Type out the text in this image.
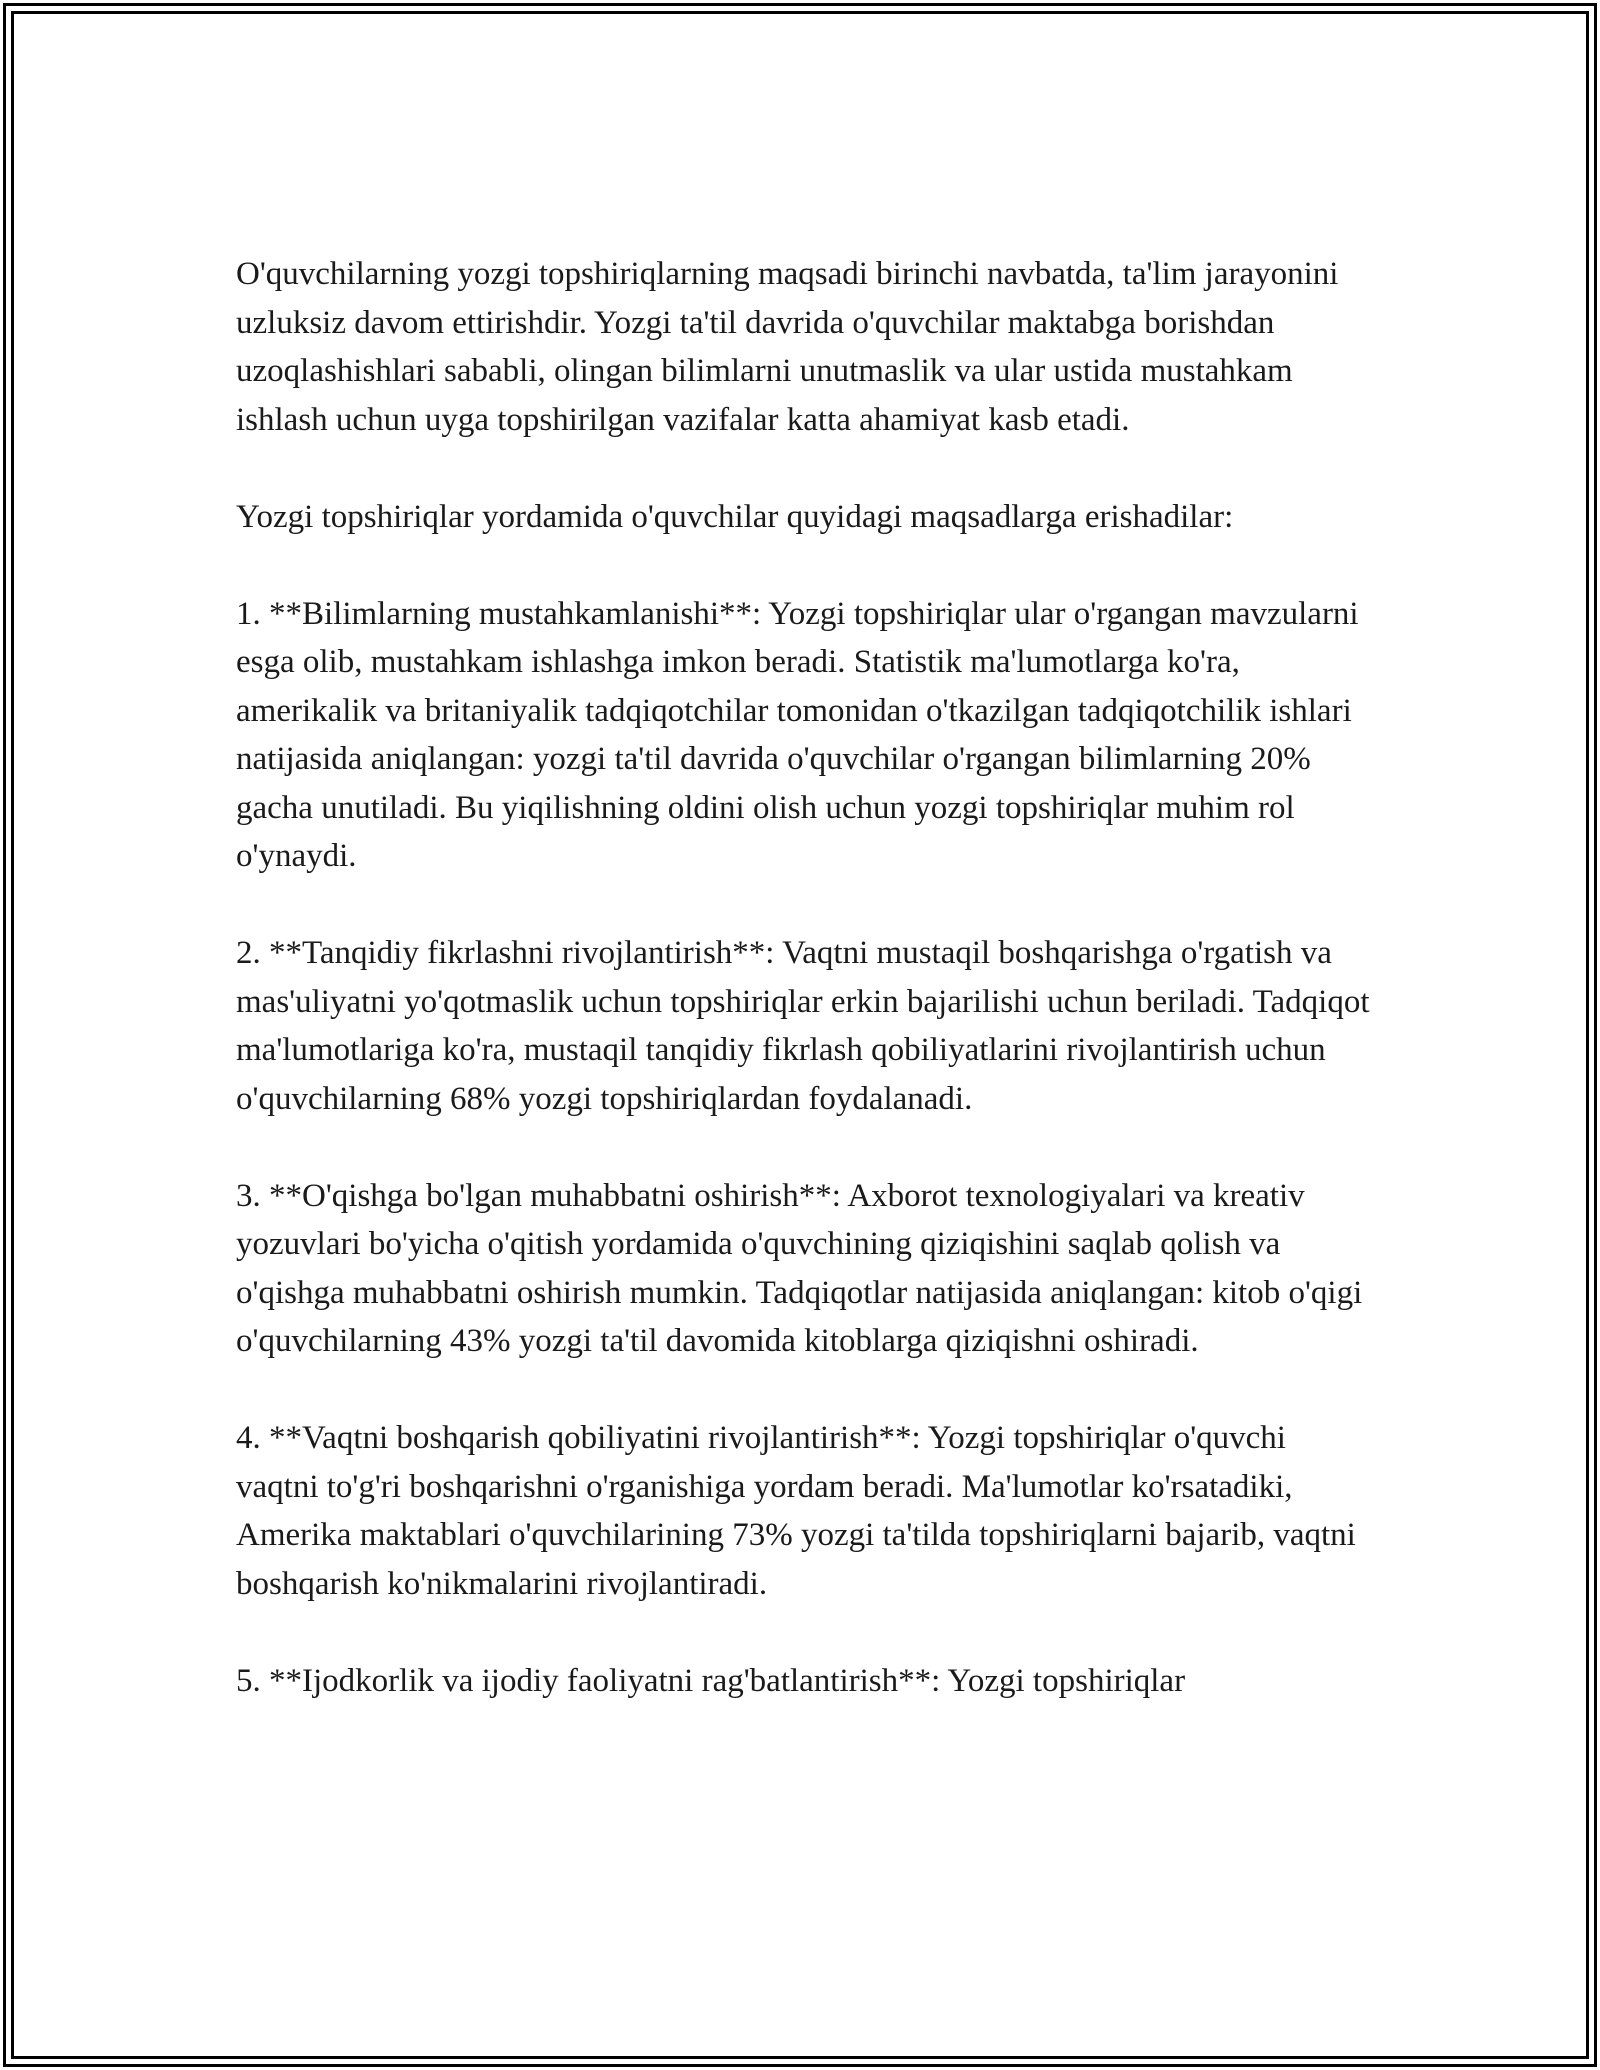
O'quvchilarning yozgi topshiriqlarning maqsadi birinchi navbatda, ta'lim jarayonini uzluksiz davom ettirishdir. Yozgi ta'til davrida o'quvchilar maktabga borishdan uzoqlashishlari sababli, olingan bilimlarni unutmaslik va ular ustida mustahkam ishlash uchun uyga topshirilgan vazifalar katta ahamiyat kasb etadi.

Yozgi topshiriqlar yordamida o'quvchilar quyidagi maqsadlarga erishadilar:

1. **Bilimlarning mustahkamlanishi**: Yozgi topshiriqlar ular o'rgangan mavzularni esga olib, mustahkam ishlashga imkon beradi. Statistik ma'lumotlarga ko'ra, amerikalik va britaniyalik tadqiqotchilar tomonidan o'tkazilgan tadqiqotchilik ishlari natijasida aniqlangan: yozgi ta'til davrida o'quvchilar o'rgangan bilimlarning 20% gacha unutiladi. Bu yiqilishning oldini olish uchun yozgi topshiriqlar muhim rol o'ynaydi.

2. **Tanqidiy fikrlashni rivojlantirish**: Vaqtni mustaqil boshqarishga o'rgatish va mas'uliyatni yo'qotmaslik uchun topshiriqlar erkin bajarilishi uchun beriladi. Tadqiqot ma'lumotlariga ko'ra, mustaqil tanqidiy fikrlash qobiliyatlarini rivojlantirish uchun o'quvchilarning 68% yozgi topshiriqlardan foydalanadi.

3. **O'qishga bo'lgan muhabbatni oshirish**: Axborot texnologiyalari va kreativ yozuvlari bo'yicha o'qitish yordamida o'quvchining qiziqishini saqlab qolish va o'qishga muhabbatni oshirish mumkin. Tadqiqotlar natijasida aniqlangan: kitob o'qigi o'quvchilarning 43% yozgi ta'til davomida kitoblarga qiziqishni oshiradi.

4. **Vaqtni boshqarish qobiliyatini rivojlantirish**: Yozgi topshiriqlar o'quvchi vaqtni to'g'ri boshqarishni o'rganishiga yordam beradi. Ma'lumotlar ko'rsatadiki, Amerika maktablari o'quvchilarining 73% yozgi ta'tilda topshiriqlarni bajarib, vaqtni boshqarish ko'nikmalarini rivojlantiradi.

5. **Ijodkorlik va ijodiy faoliyatni rag'batlantirish**: Yozgi topshiriqlar
